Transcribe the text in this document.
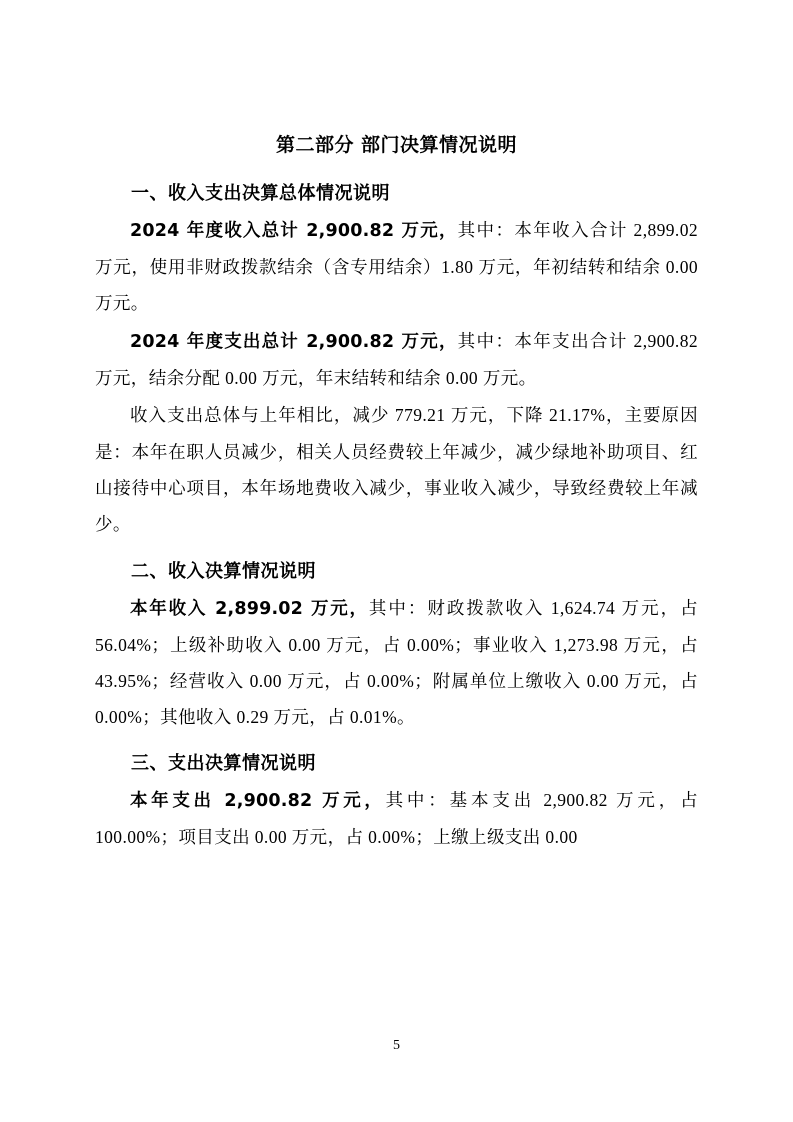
第二部分 部门决算情况说明
一、收入支出决算总体情况说明

2024 年度收入总计 2,900.82 万元，其中：本年收入合计 2,899.02 万元，使用非财政拨款结余（含专用结余）1.80 万元，年初结转和结余 0.00 万元。

2024 年度支出总计 2,900.82 万元，其中：本年支出合计 2,900.82 万元，结余分配 0.00 万元，年末结转和结余 0.00 万元。

收入支出总体与上年相比，减少 779.21 万元，下降 21.17%，主要原因是：本年在职人员减少，相关人员经费较上年减少，减少绿地补助项目、红山接待中心项目，本年场地费收入减少，事业收入减少，导致经费较上年减少。

二、收入决算情况说明

本年收入 2,899.02 万元，其中：财政拨款收入 1,624.74 万元，占 56.04%；上级补助收入 0.00 万元，占 0.00%；事业收入 1,273.98 万元，占 43.95%；经营收入 0.00 万元，占 0.00%；附属单位上缴收入 0.00 万元，占 0.00%；其他收入 0.29 万元，占 0.01%。

三、支出决算情况说明

本年支出 2,900.82 万元，其中：基本支出 2,900.82 万元，占 100.00%；项目支出 0.00 万元，占 0.00%；上缴上级支出 0.00

5
